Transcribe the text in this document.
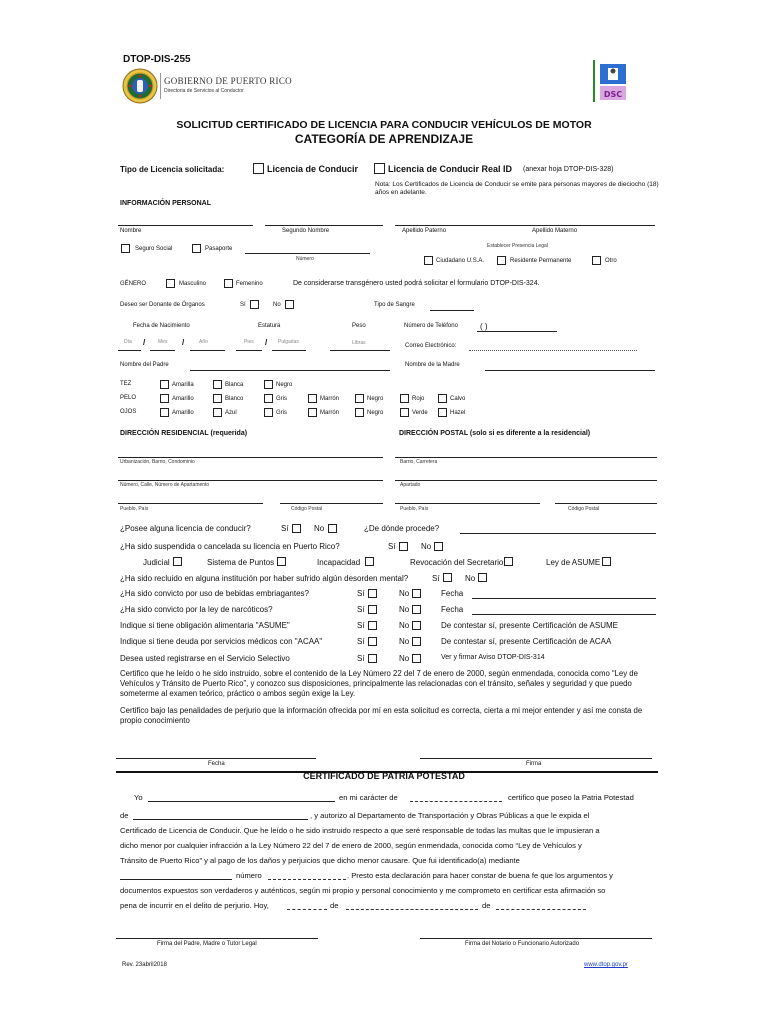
DTOP-DIS-255
GOBIERNO DE PUERTO RICO
Directoria de Servicios al Conductor	DSC
SOLICITUD CERTIFICADO DE LICENCIA PARA CONDUCIR VEHÍCULOS DE MOTOR
CATEGORÍA DE APRENDIZAJE
Tipo de Licencia solicitada:	Licencia de Conducir	Licencia de Conducir Real ID (anexar hoja DTOP-DIS-328)
Nota: Los Certificados de Licencia de Conducir se emite para personas mayores de dieciocho (18) años en adelante.
INFORMACIÓN PERSONAL
Nombre	Segundo Nombre	Apellido Paterno	Apellido Materno
Seguro Social	Pasaporte
Número
Establecer Presencia Legal
Ciudadano U.S.A.	Residente Permanente	Otro
GÉNERO	Masculino	Femenino	De considerarse transgénero usted podrá solicitar el formulario DTOP-DIS-324.
Deseo ser Donante de Órganos	Sí	No	Tipo de Sangre
Fecha de Nacimiento	Estatura	Peso	Número de Teléfono	( )
/	/	/
Día	Mes	Año	Pies	Pulgadas	Libras	Correo Electrónico:
Nombre del Padre	Nombre de la Madre
TEZ	Amarilla	Blanca	Negro
PELO	Amarillo	Blanco	Gris	Marrón	Negro	Rojo	Calvo
OJOS	Amarillo	Azul	Gris	Marrón	Negro	Verde	Hazel
DIRECCIÓN RESIDENCIAL (requerida)	DIRECCIÓN POSTAL (solo si es diferente a la residencial)
Urbanización, Barrio, Condominio	Barrio, Carretera
Número, Calle, Número de Apartamento	Apartado
Pueblo, País	Código Postal	Pueblo, País	Código Postal
¿Posee alguna licencia de conducir?	Sí	No	¿De dónde procede?
¿Ha sido suspendida o cancelada su licencia en Puerto Rico?	Sí	No
Judicial	Sistema de Puntos	Incapacidad	Revocación del Secretario	Ley de ASUME
¿Ha sido recluido en alguna institución por haber sufrido algún desorden mental?	Sí	No
¿Ha sido convicto por uso de bebidas embriagantes?	Sí	No	Fecha
¿Ha sido convicto por la ley de narcóticos?	Sí	No	Fecha
Indique si tiene obligación alimentaria "ASUME"	Sí	No	De contestar sí, presente Certificación de ASUME
Indique si tiene deuda por servicios médicos con "ACAA"	Sí	No	De contestar sí, presente Certificación de ACAA
Desea usted registrarse en el Servicio Selectivo	Sí	No	Ver y firmar Aviso DTOP-DIS-314
Certifico que he leído o he sido instruido, sobre el contenido de la Ley Número 22 del 7 de enero de 2000, según enmendada, conocida como “Ley de Vehículos y Tránsito de Puerto Rico”, y conozco sus disposiciones, principalmente las relacionadas con el tránsito, señales y seguridad y que puedo someterme al examen teórico, práctico o ambos según exige la Ley.
Certifico bajo las penalidades de perjurio que la información ofrecida por mí en esta solicitud es correcta, cierta a mi mejor entender y así me consta de propio conocimiento
Fecha	Firma
CERTIFICADO DE PATRIA POTESTAD
Yo	en mi carácter de	certifico que poseo la Patria Potestad
de	, y autorizo al Departamento de Transportación y Obras Públicas a que le expida el
Certificado de Licencia de Conducir. Que he leído o he sido instruido respecto a que seré responsable de todas las multas que le impusieran a
dicho menor por cualquier infracción a la Ley Número 22 del 7 de enero de 2000, según enmendada, conocida como “Ley de Vehículos y
Tránsito de Puerto Rico” y al pago de los daños y perjuicios que dicho menor causare. Que fui identificado(a) mediante
número	. Presto esta declaración para hacer constar de buena fe que los argumentos y
documentos expuestos son verdaderos y auténticos, según mi propio y personal conocimiento y me comprometo en certificar esta afirmación so
pena de incurrir en el delito de perjurio. Hoy,	de	de
Firma del Padre, Madre o Tutor Legal	Firma del Notario o Funcionario Autorizado
Rev. 23abril2018	www.dtop.gov.pr
